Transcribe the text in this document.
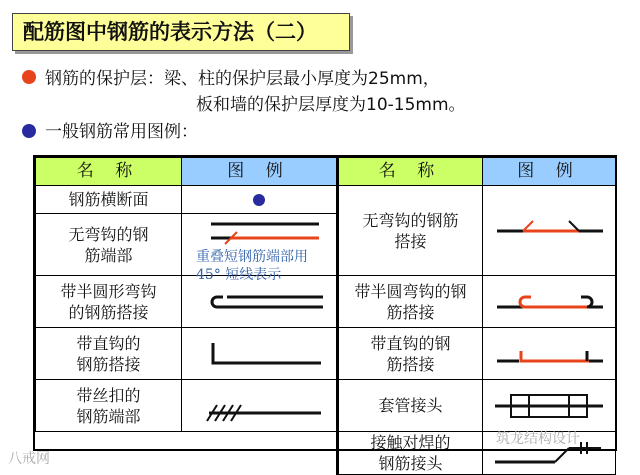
配筋图中钢筋的表示方法（二）
钢筋的保护层：梁、柱的保护层最小厚度为25mm，
板和墙的保护层厚度为10-15mm。
一般钢筋常用图例：
名 称	图 例	名 称	图 例
钢筋横断面		无弯钩的钢筋搭接	

无弯钩的钢筋端部	重叠短钢筋端部用45° 短线表示		

带半圆形弯钩的钢筋搭接		带半圆弯钩的钢筋搭接	

带直钩的钢筋搭接		带直钩的钢筋搭接	

带丝扣的钢筋端部		套管接头	

		接触对焊的钢筋接头	
八戒网
筑龙结构设计
